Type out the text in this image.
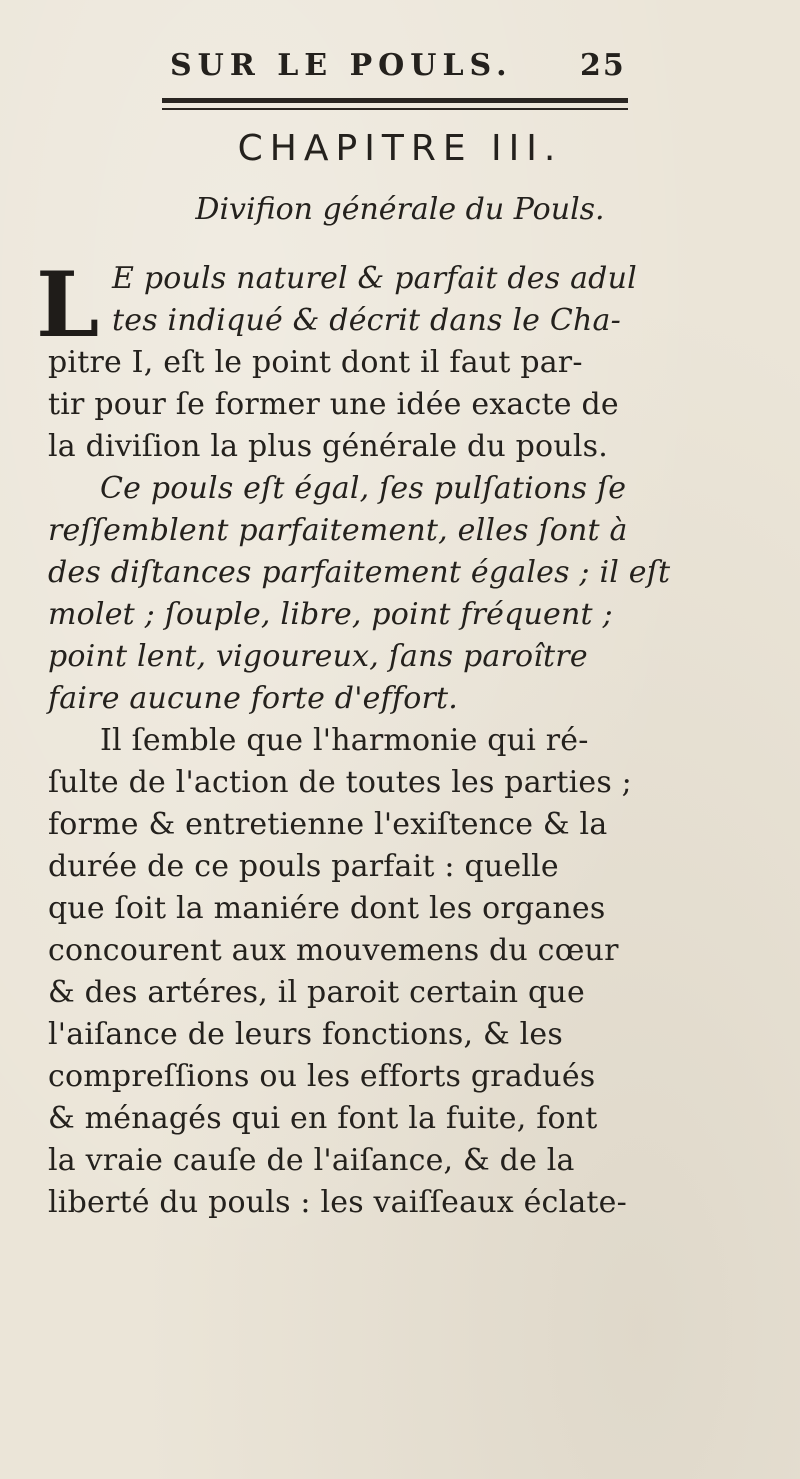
SUR LE POULS. 25
CHAPITRE III.
Divifion générale du Pouls.
L E pouls naturel & parfait des adul
tes indiqué & décrit dans le Cha-
pitre I, eſt le point dont il faut par-
tir pour ſe former une idée exacte de
la diviſion la plus générale du pouls.
Ce pouls eſt égal, ſes pulſations ſe
reſſemblent parfaitement, elles ſont à
des diſtances parfaitement égales ; il eſt
molet ; ſouple, libre, point fréquent ;
point lent, vigoureux, ſans paroître
faire aucune forte d'effort.
Il ſemble que l'harmonie qui ré-
ſulte de l'action de toutes les parties ;
forme & entretienne l'exiſtence & la
durée de ce pouls parfait : quelle
que ſoit la maniére dont les organes
concourent aux mouvemens du cœur
& des artéres, il paroit certain que
l'aiſance de leurs fonctions, & les
compreſſions ou les efforts gradués
& ménagés qui en font la fuite, font
la vraie cauſe de l'aiſance, & de la
liberté du pouls : les vaiſſeaux éclate-
